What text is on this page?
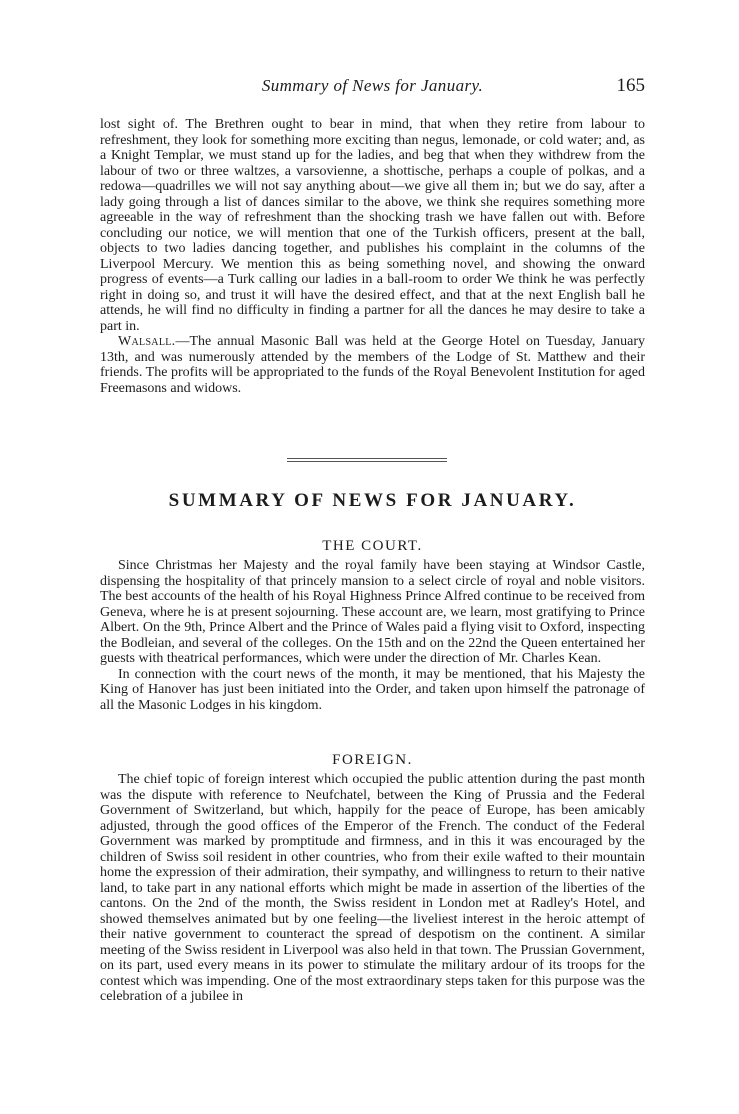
Summary of News for January.	165

lost sight of. The Brethren ought to bear in mind, that when they retire from labour to refreshment, they look for something more exciting than negus, lemonade, or cold water; and, as a Knight Templar, we must stand up for the ladies, and beg that when they withdrew from the labour of two or three waltzes, a varsovienne, a shottische, perhaps a couple of polkas, and a redowa—quadrilles we will not say anything about—we give all them in; but we do say, after a lady going through a list of dances similar to the above, we think she requires something more agreeable in the way of refreshment than the shocking trash we have fallen out with. Before concluding our notice, we will mention that one of the Turkish officers, present at the ball, objects to two ladies dancing together, and publishes his complaint in the columns of the Liverpool Mercury. We mention this as being something novel, and showing the onward progress of events—a Turk calling our ladies in a ball-room to order We think he was perfectly right in doing so, and trust it will have the desired effect, and that at the next English ball he attends, he will find no difficulty in finding a partner for all the dances he may desire to take a part in.

Walsall.—The annual Masonic Ball was held at the George Hotel on Tuesday, January 13th, and was numerously attended by the members of the Lodge of St. Matthew and their friends. The profits will be appropriated to the funds of the Royal Benevolent Institution for aged Freemasons and widows.

SUMMARY OF NEWS FOR JANUARY.
THE COURT.

Since Christmas her Majesty and the royal family have been staying at Windsor Castle, dispensing the hospitality of that princely mansion to a select circle of royal and noble visitors. The best accounts of the health of his Royal Highness Prince Alfred continue to be received from Geneva, where he is at present sojourning. These account are, we learn, most gratifying to Prince Albert. On the 9th, Prince Albert and the Prince of Wales paid a flying visit to Oxford, inspecting the Bodleian, and several of the colleges. On the 15th and on the 22nd the Queen entertained her guests with theatrical performances, which were under the direction of Mr. Charles Kean.

In connection with the court news of the month, it may be mentioned, that his Majesty the King of Hanover has just been initiated into the Order, and taken upon himself the patronage of all the Masonic Lodges in his kingdom.

FOREIGN.

The chief topic of foreign interest which occupied the public attention during the past month was the dispute with reference to Neufchatel, between the King of Prussia and the Federal Government of Switzerland, but which, happily for the peace of Europe, has been amicably adjusted, through the good offices of the Emperor of the French. The conduct of the Federal Government was marked by promptitude and firmness, and in this it was encouraged by the children of Swiss soil resident in other countries, who from their exile wafted to their mountain home the expression of their admiration, their sympathy, and willingness to return to their native land, to take part in any national efforts which might be made in assertion of the liberties of the cantons. On the 2nd of the month, the Swiss resident in London met at Radley's Hotel, and showed themselves animated but by one feeling—the liveliest interest in the heroic attempt of their native government to counteract the spread of despotism on the continent. A similar meeting of the Swiss resident in Liverpool was also held in that town. The Prussian Government, on its part, used every means in its power to stimulate the military ardour of its troops for the contest which was impending. One of the most extraordinary steps taken for this purpose was the celebration of a jubilee in
